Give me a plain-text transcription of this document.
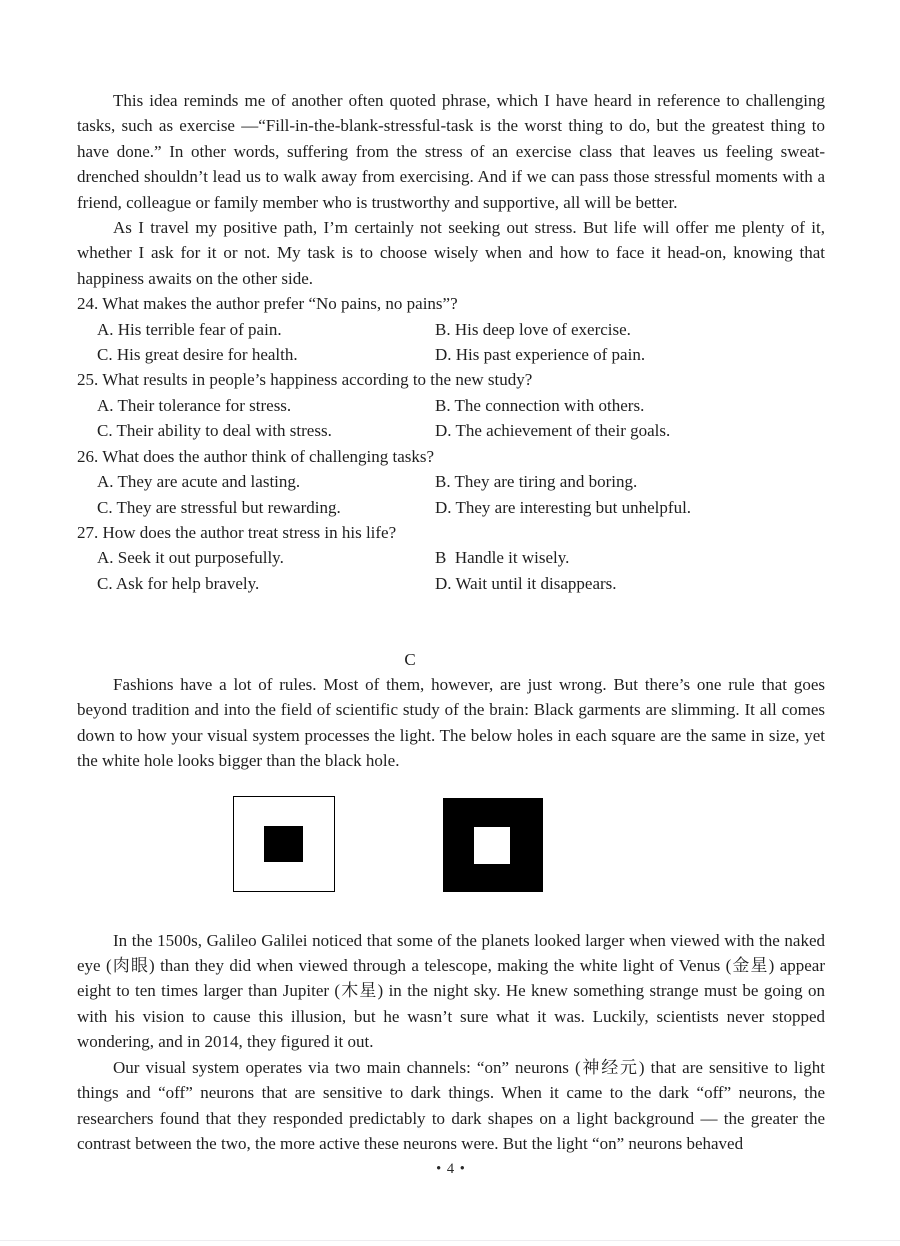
This idea reminds me of another often quoted phrase, which I have heard in reference to challenging tasks, such as exercise —“Fill-in-the-blank-stressful-task is the worst thing to do, but the greatest thing to have done.” In other words, suffering from the stress of an exercise class that leaves us feeling sweat-drenched shouldn’t lead us to walk away from exercising. And if we can pass those stressful moments with a friend, colleague or family member who is trustworthy and supportive, all will be better.

As I travel my positive path, I’m certainly not seeking out stress. But life will offer me plenty of it, whether I ask for it or not. My task is to choose wisely when and how to face it head-on, knowing that happiness awaits on the other side.

24. What makes the author prefer “No pains, no pains”?
A. His terrible fear of pain.	B. His deep love of exercise.
C. His great desire for health.	D. His past experience of pain.
25. What results in people’s happiness according to the new study?
A. Their tolerance for stress.	B. The connection with others.
C. Their ability to deal with stress.	D. The achievement of their goals.
26. What does the author think of challenging tasks?
A. They are acute and lasting.	B. They are tiring and boring.
C. They are stressful but rewarding.	D. They are interesting but unhelpful.
27. How does the author treat stress in his life?
A. Seek it out purposefully.	B  Handle it wisely.
C. Ask for help bravely.	D. Wait until it disappears.
C

Fashions have a lot of rules. Most of them, however, are just wrong. But there’s one rule that goes beyond tradition and into the field of scientific study of the brain: Black garments are slimming. It all comes down to how your visual system processes the light. The below holes in each square are the same in size, yet the white hole looks bigger than the black hole.

In the 1500s, Galileo Galilei noticed that some of the planets looked larger when viewed with the naked eye (肉眼) than they did when viewed through a telescope, making the white light of Venus (金星) appear eight to ten times larger than Jupiter (木星) in the night sky. He knew something strange must be going on with his vision to cause this illusion, but he wasn’t sure what it was. Luckily, scientists never stopped wondering, and in 2014, they figured it out.

Our visual system operates via two main channels: “on” neurons (神经元) that are sensitive to light things and “off” neurons that are sensitive to dark things. When it came to the dark “off” neurons, the researchers found that they responded predictably to dark shapes on a light background — the greater the contrast between the two, the more active these neurons were. But the light “on” neurons behaved

• 4 •
